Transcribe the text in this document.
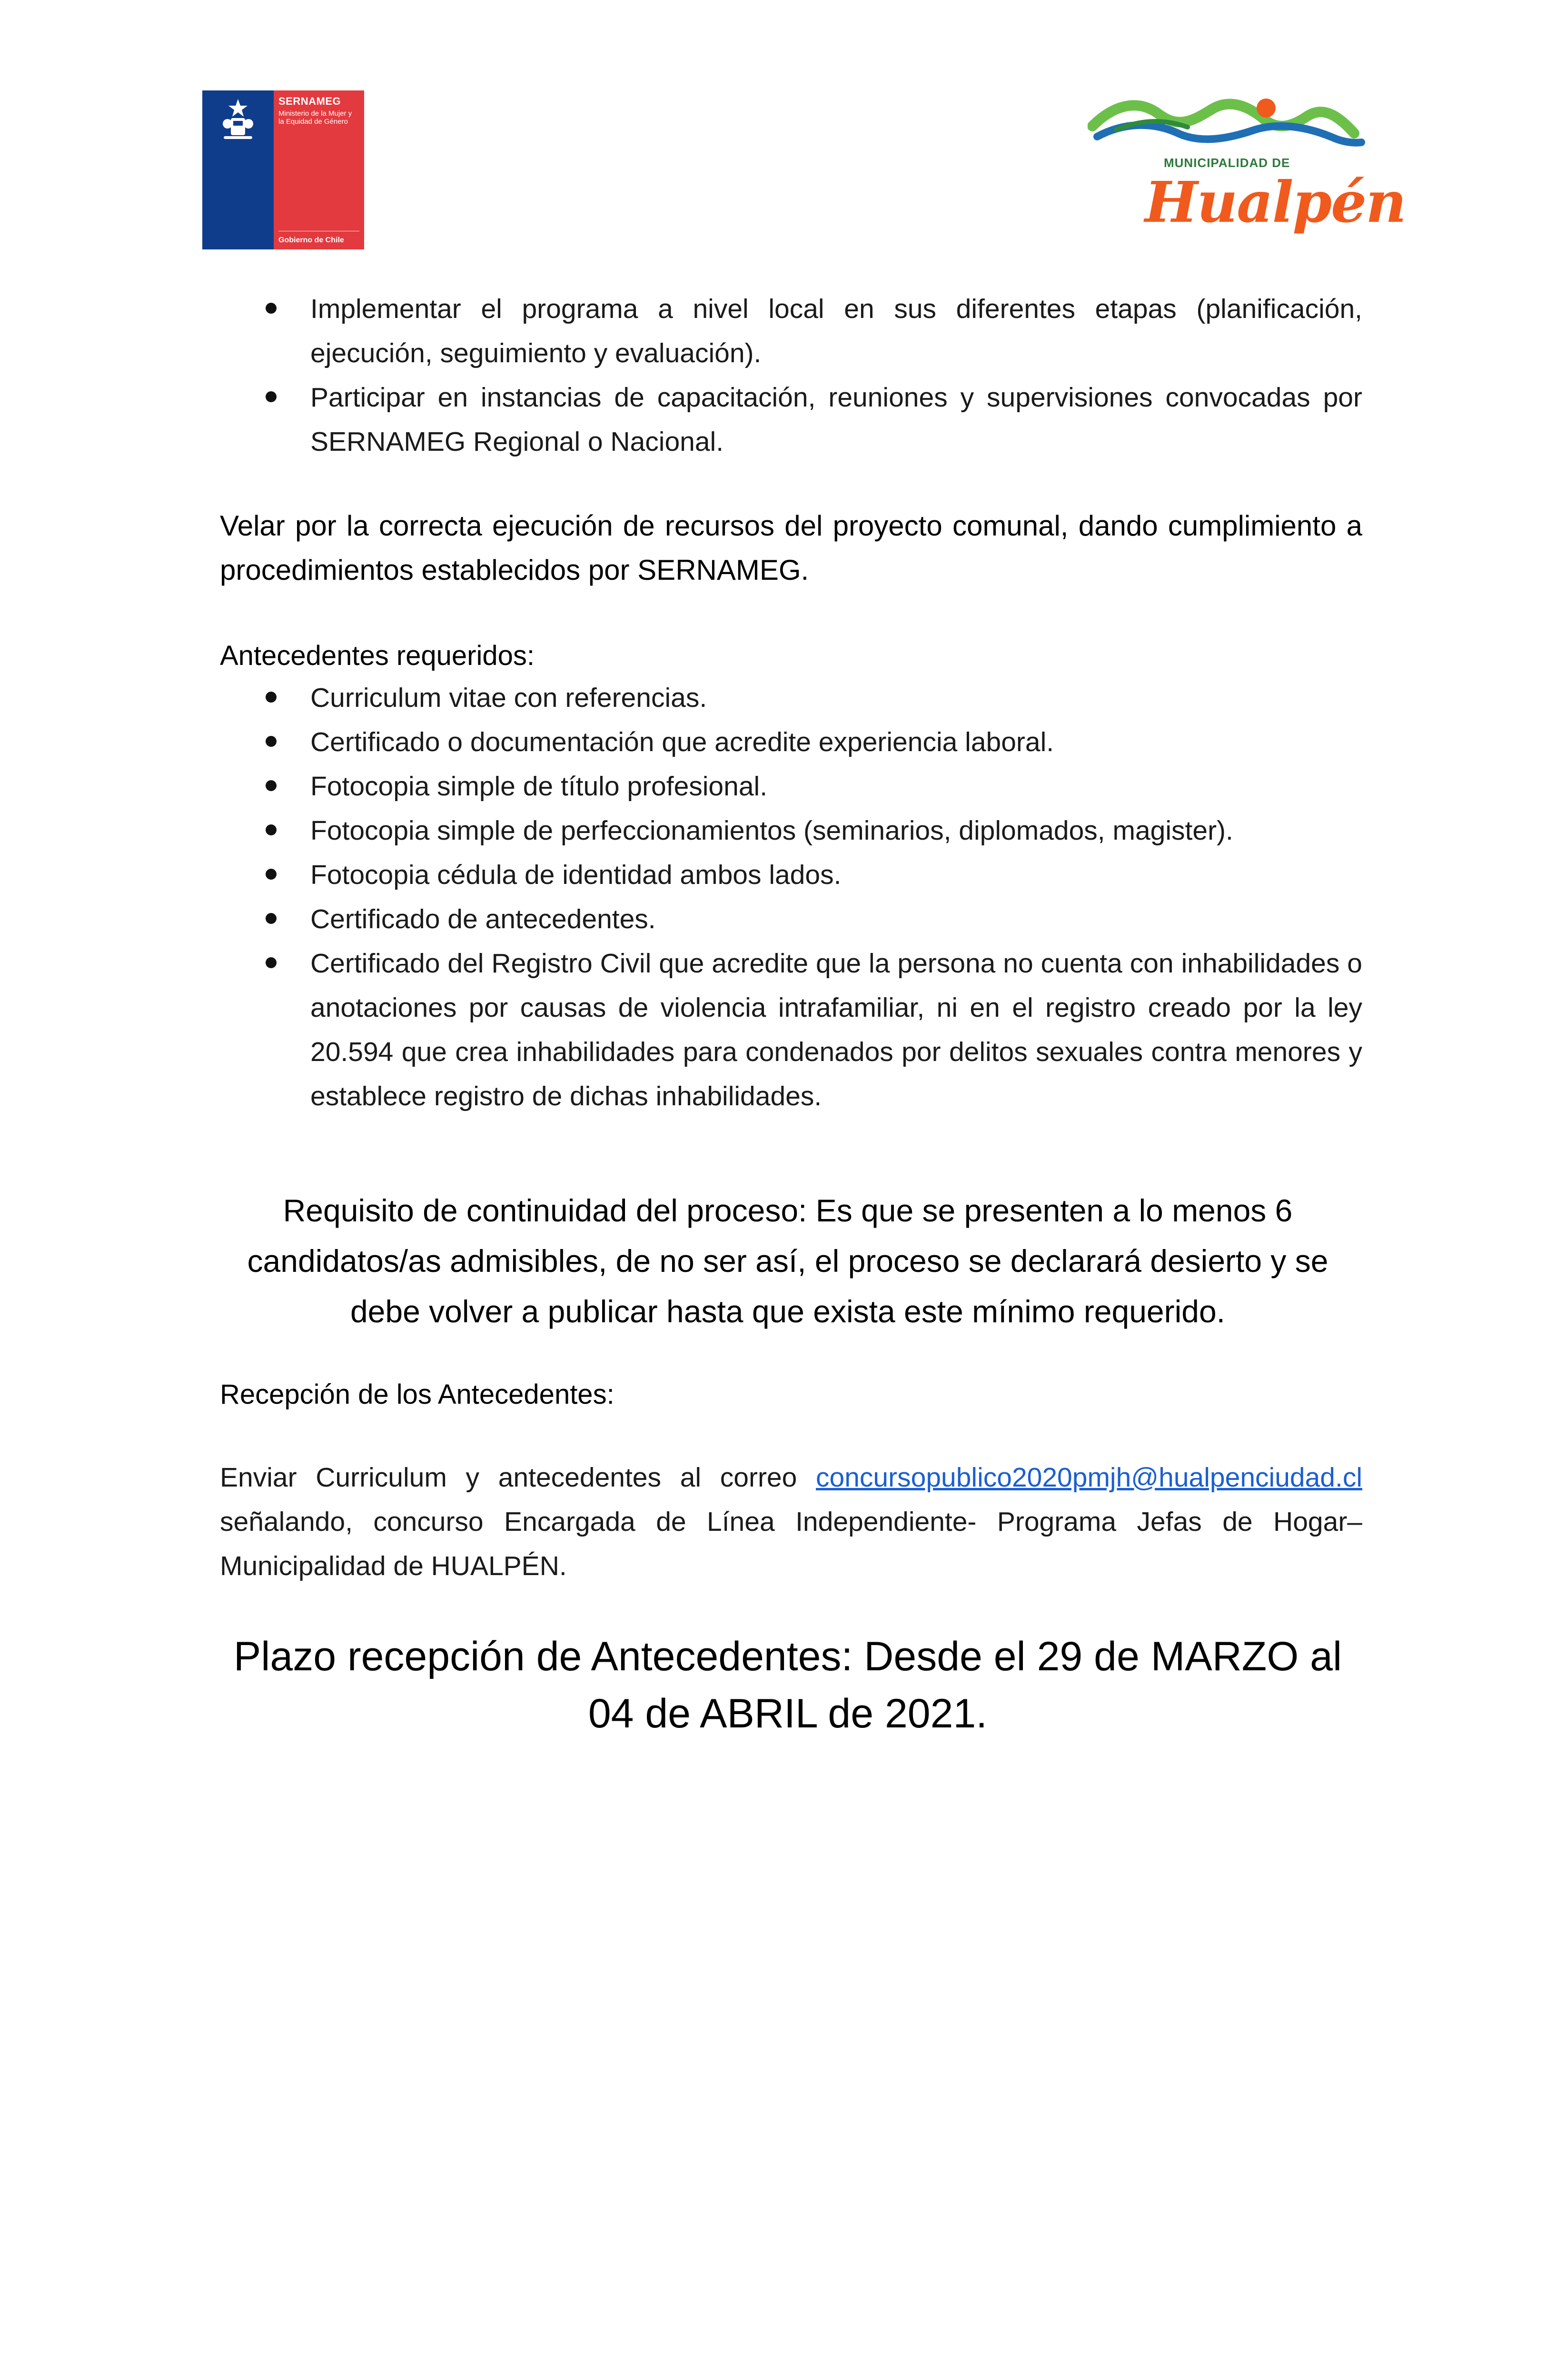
SERNAMEG
Ministerio de la Mujer y la Equidad de Género
Gobierno de Chile
MUNICIPALIDAD DE
Hualpén
Implementar el programa a nivel local en sus diferentes etapas (planificación, ejecución, seguimiento y evaluación).
Participar en instancias de capacitación, reuniones y supervisiones convocadas por SERNAMEG Regional o Nacional.
Velar por la correcta ejecución de recursos del proyecto comunal, dando cumplimiento a procedimientos establecidos por SERNAMEG.
Antecedentes requeridos:
Curriculum vitae con referencias.
Certificado o documentación que acredite experiencia laboral.
Fotocopia simple de título profesional.
Fotocopia simple de perfeccionamientos (seminarios, diplomados, magister).
Fotocopia cédula de identidad ambos lados.
Certificado de antecedentes.
Certificado del Registro Civil que acredite que la persona no cuenta con inhabilidades o anotaciones por causas de violencia intrafamiliar, ni en el registro creado por la ley 20.594 que crea inhabilidades para condenados por delitos sexuales contra menores y establece registro de dichas inhabilidades.
Requisito de continuidad del proceso: Es que se presenten a lo menos 6
candidatos/as admisibles, de no ser así, el proceso se declarará desierto y se
debe volver a publicar hasta que exista este mínimo requerido.
Recepción de los Antecedentes:
Enviar Curriculum y antecedentes al correo concursopublico2020pmjh@hualpenciudad.cl señalando, concurso Encargada de Línea Independiente- Programa Jefas de Hogar– Municipalidad de HUALPÉN.
Plazo recepción de Antecedentes: Desde el 29 de MARZO al
04 de ABRIL de 2021.
